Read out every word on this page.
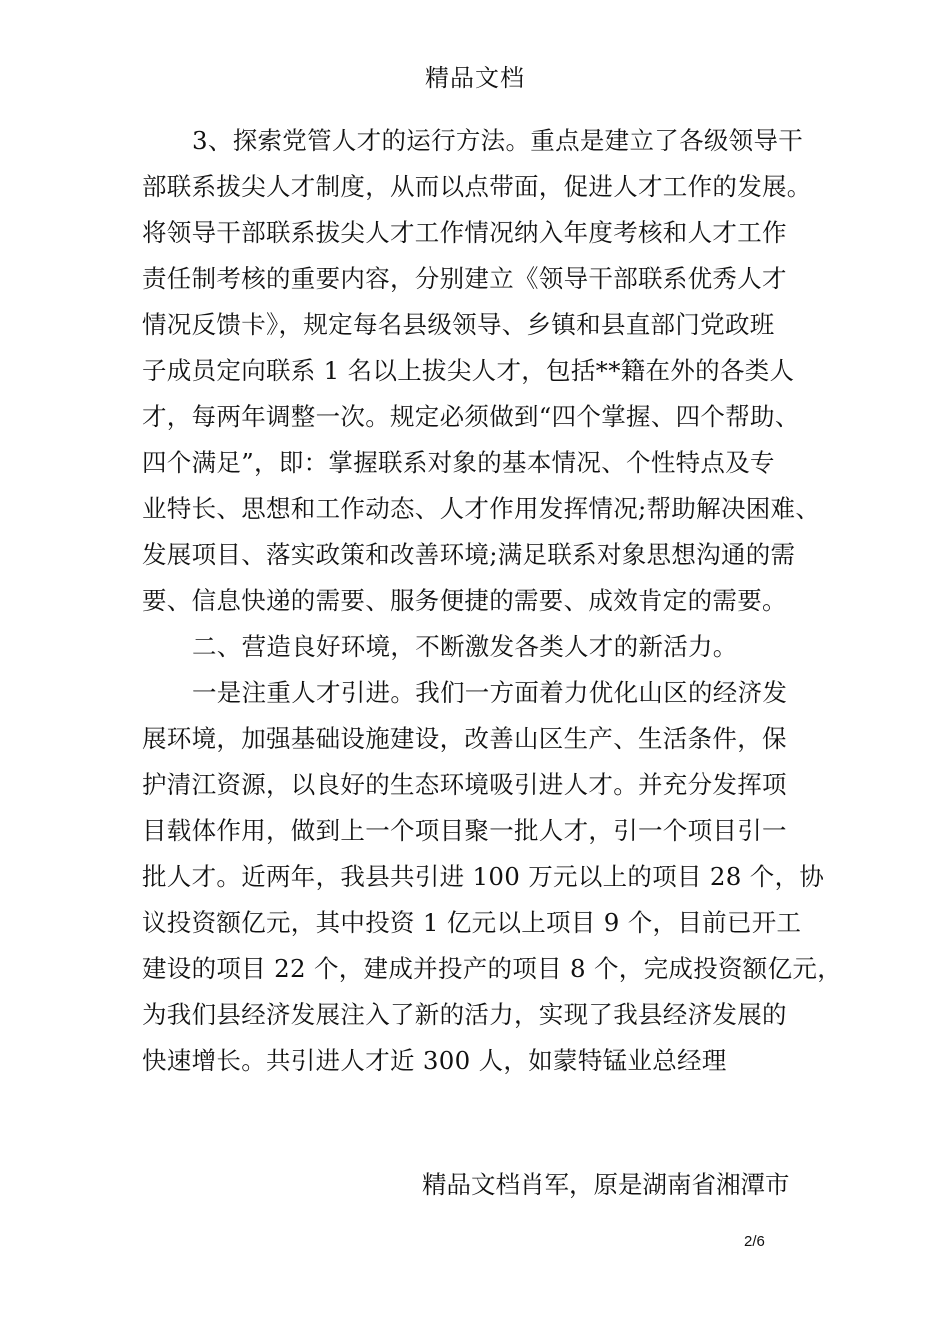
精品文档
3、探索党管人才的运行方法。重点是建立了各级领导干
部联系拔尖人才制度，从而以点带面，促进人才工作的发展。
将领导干部联系拔尖人才工作情况纳入年度考核和人才工作
责任制考核的重要内容，分别建立《领导干部联系优秀人才
情况反馈卡》，规定每名县级领导、乡镇和县直部门党政班
子成员定向联系 1 名以上拔尖人才，包括**籍在外的各类人
才，每两年调整一次。规定必须做到“四个掌握、四个帮助、
四个满足”，即：掌握联系对象的基本情况、个性特点及专
业特长、思想和工作动态、人才作用发挥情况;帮助解决困难、
发展项目、落实政策和改善环境;满足联系对象思想沟通的需
要、信息快递的需要、服务便捷的需要、成效肯定的需要。
二、营造良好环境，不断激发各类人才的新活力。
一是注重人才引进。我们一方面着力优化山区的经济发
展环境，加强基础设施建设，改善山区生产、生活条件，保
护清江资源，以良好的生态环境吸引进人才。并充分发挥项
目载体作用，做到上一个项目聚一批人才，引一个项目引一
批人才。近两年，我县共引进 100 万元以上的项目 28 个，协
议投资额亿元，其中投资 1 亿元以上项目 9 个，目前已开工
建设的项目 22 个，建成并投产的项目 8 个，完成投资额亿元，
为我们县经济发展注入了新的活力，实现了我县经济发展的
快速增长。共引进人才近 300 人，如蒙特锰业总经理
精品文档肖军，原是湖南省湘潭市
2/6
